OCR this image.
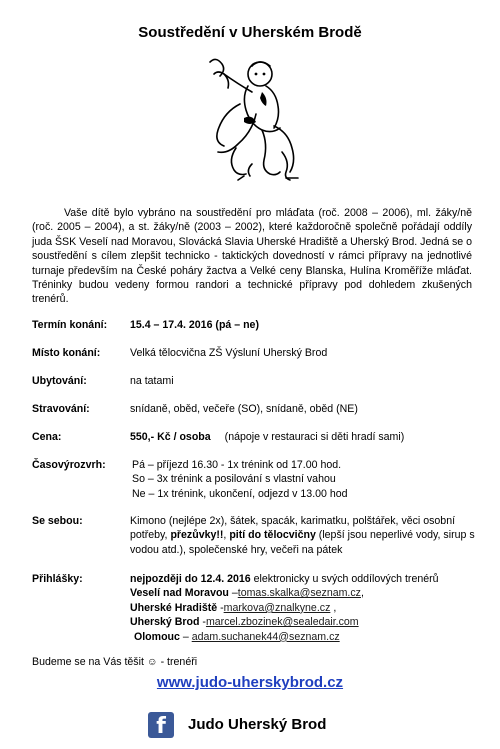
Soustředění v Uherském Brodě

Vaše dítě bylo vybráno na soustředění pro mláďata (roč. 2008 – 2006), ml. žáky/ně (roč. 2005 – 2004), a st. žáky/ně (2003 – 2002), které každoročně společně pořádají oddíly juda ŠSK Veselí nad Moravou, Slovácká Slavia Uherské Hradiště a Uherský Brod. Jedná se o soustředění s cílem zlepšit technicko - taktických dovedností v rámci přípravy na jednotlivé turnaje především na České poháry žactva a Velké ceny Blanska, Hulína Kroměříže mláďat. Tréninky budou vedeny formou randori a technické přípravy pod dohledem zkušených trenérů.

Termín konání: 15.4 – 17.4. 2016 (pá – ne)
Místo konání:	Velká tělocvična ZŠ Výsluní Uherský Brod
Ubytování:	na tatami
Stravování:	snídaně, oběd, večeře (SO), snídaně, oběd (NE)
Cena:	550,- Kč / osoba (nápoje v restauraci si děti hradí sami)
Časovýrozvrh: Pá – příjezd 16.30 - 1x trénink od 17.00 hod.
So – 3x trénink a posilování s vlastní vahou
Ne – 1x trénink, ukončení, odjezd v 13.00 hod
Se sebou:	Kimono (nejlépe 2x), šátek, spacák, karimatku, polštářek, věci osobní potřeby, přezůvky!!, pití do tělocvičny (lepší jsou neperlivé vody, sirup s vodou atd.), společenské hry, večeři na pátek
Přihlášky:	nejpozději do 12.4. 2016 elektronicky u svých oddílových trenérů
Veselí nad Moravou –tomas.skalka@seznam.cz,
Uherské Hradiště -markova@znalkyne.cz ,
Uherský Brod -marcel.zbozinek@sealedair.com
Olomouc – adam.suchanek44@seznam.cz
Budeme se na Vás těšit ☺ - trenéři
www.judo-uherskybrod.cz
f	Judo Uherský Brod
